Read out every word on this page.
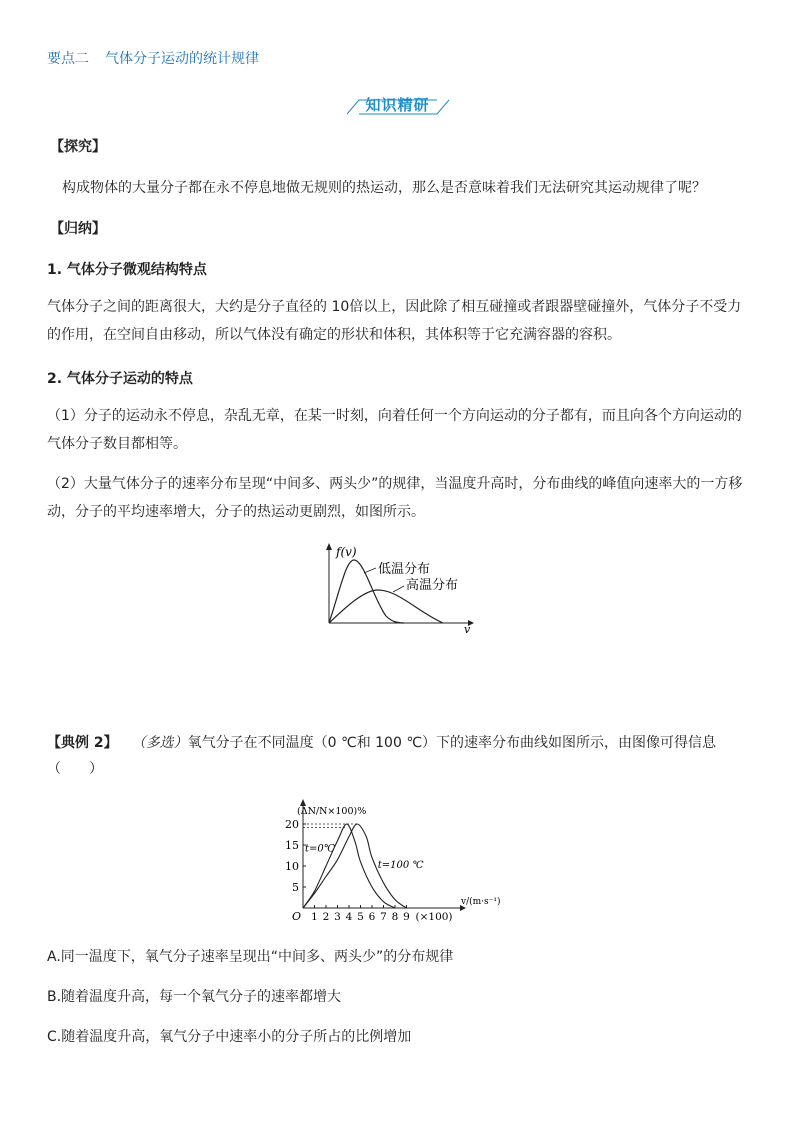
要点二 气体分子运动的统计规律
知识精研
【探究】
构成物体的大量分子都在永不停息地做无规则的热运动，那么是否意味着我们无法研究其运动规律了呢？
【归纳】
1. 气体分子微观结构特点
气体分子之间的距离很大，大约是分子直径的 10倍以上，因此除了相互碰撞或者跟器壁碰撞外，气体分子不受力的作用，在空间自由移动，所以气体没有确定的形状和体积，其体积等于它充满容器的容积。
2. 气体分子运动的特点
（1）分子的运动永不停息，杂乱无章，在某一时刻，向着任何一个方向运动的分子都有，而且向各个方向运动的气体分子数目都相等。
（2）大量气体分子的速率分布呈现“中间多、两头少”的规律，当温度升高时，分布曲线的峰值向速率大的一方移动，分子的平均速率增大，分子的热运动更剧烈，如图所示。
f(v)
v
低温分布
高温分布
【典例 2】 （多选）氧气分子在不同温度（0 ℃和 100 ℃）下的速率分布曲线如图所示，由图像可得信息
（　　）
5
10
15
20
1 2 3 4 5 6 7 8 9 (×100)
O
v/(m·s⁻¹)
(ΔN/N×100)%
t=0℃
t=100 ℃
A.同一温度下，氧气分子速率呈现出“中间多、两头少”的分布规律
B.随着温度升高，每一个氧气分子的速率都增大
C.随着温度升高，氧气分子中速率小的分子所占的比例增加
